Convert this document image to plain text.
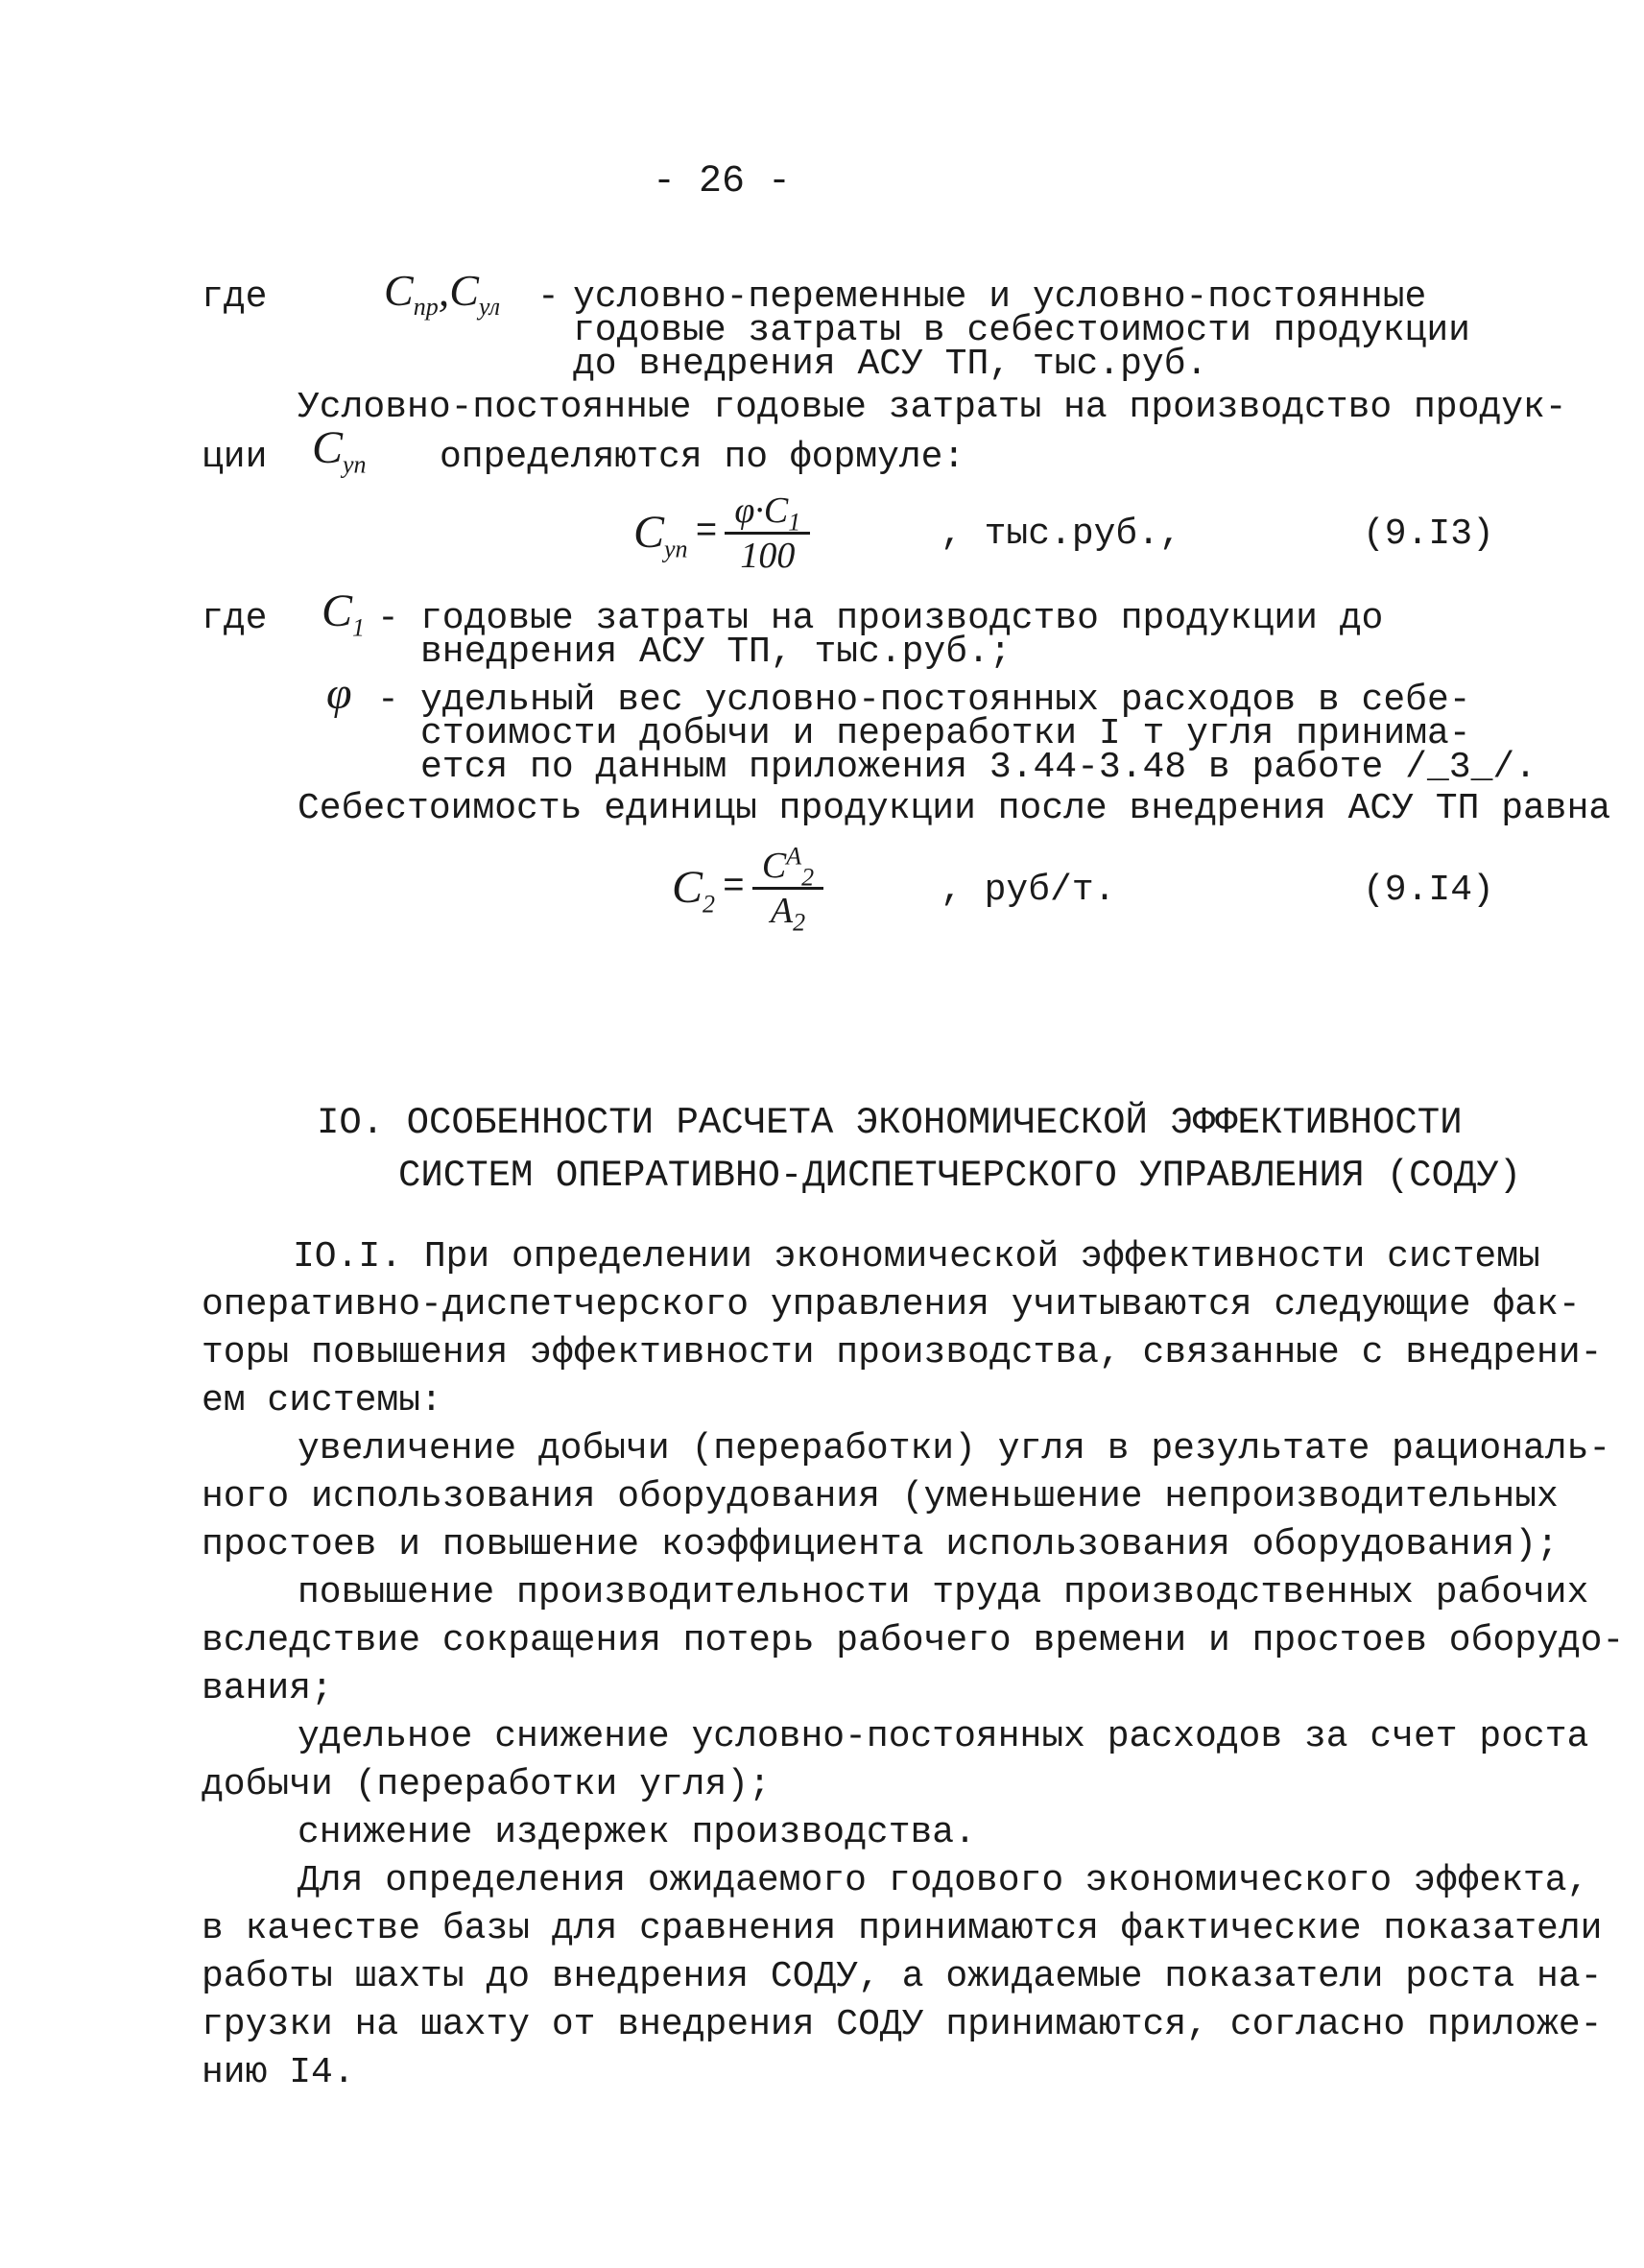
- 26 -
где	$C_{пр},C_{ул}$ - условно-переменные и условно-постоянные
годовые затраты в себестоимости продукции
до внедрения АСУ ТП, тыс.руб.
Условно-постоянные годовые затраты на производство продук-
ции $C_{уп}$ определяются по формуле:
$C_{уп} = \frac{\varphi\cdot C_1}{100}$	, тыс.руб.,	(9.I3)
где $C_1$ - годовые затраты на производство продукции до
внедрения АСУ ТП, тыс.руб.;
φ - удельный вес условно-постоянных расходов в себе-
стоимости добычи и переработки I т угля принима-
ется по данным приложения 3.44-3.48 в работе /_3_/.
Себестоимость единицы продукции после внедрения АСУ ТП равна
$C_2 = \frac{C^A_2}{A_2}$	, руб/т.	(9.I4)
IO. ОСОБЕННОСТИ РАСЧЕТА ЭКОНОМИЧЕСКОЙ ЭФФЕКТИВНОСТИ
СИСТЕМ ОПЕРАТИВНО-ДИСПЕТЧЕРСКОГО УПРАВЛЕНИЯ (СОДУ)
IO.I. При определении экономической эффективности системы
оперативно-диспетчерского управления учитываются следующие фак-
торы повышения эффективности производства, связанные с внедрени-
ем системы:
увеличение добычи (переработки) угля в результате рациональ-
ного использования оборудования (уменьшение непроизводительных
простоев и повышение коэффициента использования оборудования);
повышение производительности труда производственных рабочих
вследствие сокращения потерь рабочего времени и простоев оборудо-
вания;
удельное снижение условно-постоянных расходов за счет роста
добычи (переработки угля);
снижение издержек производства.
Для определения ожидаемого годового экономического эффекта,
в качестве базы для сравнения принимаются фактические показатели
работы шахты до внедрения СОДУ, а ожидаемые показатели роста на-
грузки на шахту от внедрения СОДУ принимаются, согласно приложе-
нию I4.
